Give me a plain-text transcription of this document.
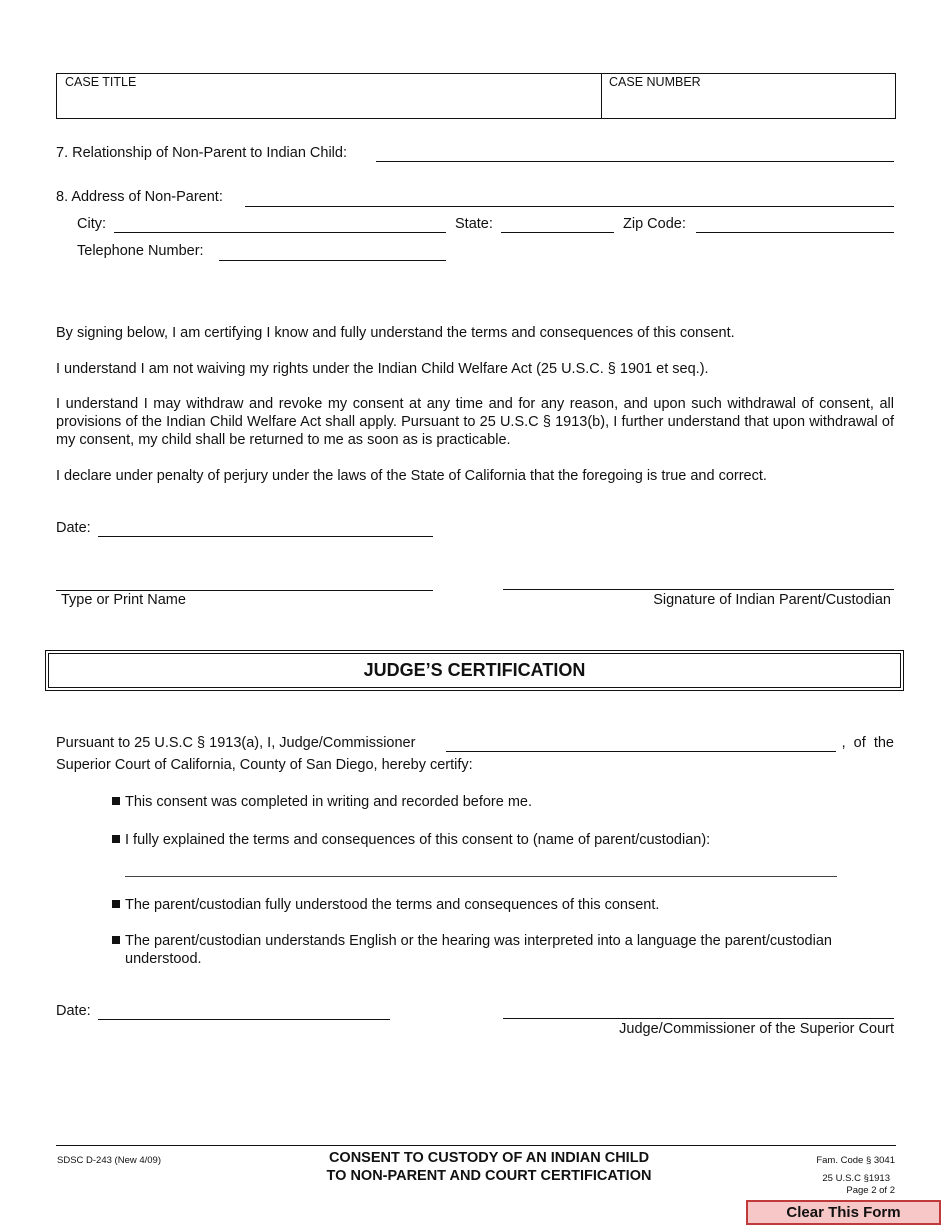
CASE TITLE	CASE NUMBER
7. Relationship of Non-Parent to Indian Child:
8. Address of Non-Parent:
City:	State:	Zip Code:
Telephone Number:
By signing below, I am certifying I know and fully understand the terms and consequences of this consent.
I understand I am not waiving my rights under the Indian Child Welfare Act (25 U.S.C. § 1901 et seq.).
I understand I may withdraw and revoke my consent at any time and for any reason, and upon such withdrawal of consent, all provisions of the Indian Child Welfare Act shall apply. Pursuant to 25 U.S.C § 1913(b), I further understand that upon withdrawal of my consent, my child shall be returned to me as soon as is practicable.
I declare under penalty of perjury under the laws of the State of California that the foregoing is true and correct.
Date:
Type or Print Name	Signature of Indian Parent/Custodian
JUDGE’S CERTIFICATION
Pursuant to 25 U.S.C § 1913(a), I, Judge/Commissioner	,  of  the
Superior Court of California, County of San Diego, hereby certify:
This consent was completed in writing and recorded before me.
I fully explained the terms and consequences of this consent to (name of parent/custodian):
The parent/custodian fully understood the terms and consequences of this consent.
The parent/custodian understands English or the hearing was interpreted into a language the parent/custodian understood.
Date:
Judge/Commissioner of the Superior Court
SDSC D-243 (New 4/09)	CONSENT TO CUSTODY OF AN INDIAN CHILD
TO NON-PARENT AND COURT CERTIFICATION
Fam. Code § 3041
25 U.S.C §1913
Page 2 of 2
Clear This Form
